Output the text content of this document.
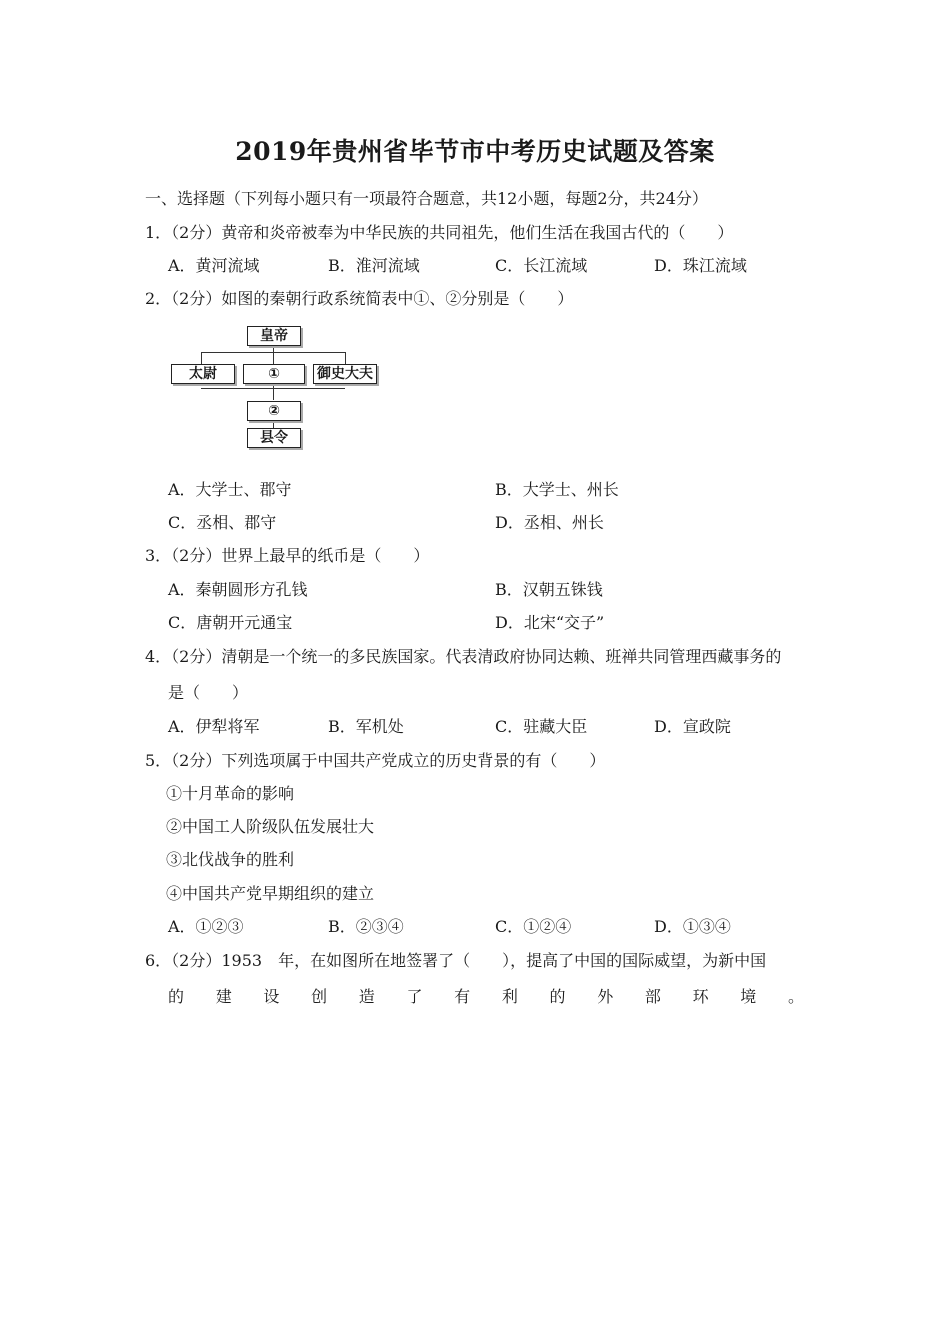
2019年贵州省毕节市中考历史试题及答案
一、选择题（下列每小题只有一项最符合题意，共12小题，每题2分，共24分）
1．（2分）黄帝和炎帝被奉为中华民族的共同祖先，他们生活在我国古代的（　　）
A．黄河流域	B．淮河流域	C．长江流域	D．珠江流域
2．（2分）如图的秦朝行政系统简表中①、②分别是（　　）
皇帝
太尉	①	御史大夫
②
县令
A．大学士、郡守	B．大学士、州长
C．丞相、郡守	D．丞相、州长
3．（2分）世界上最早的纸币是（　　）
A．秦朝圆形方孔钱	B．汉朝五铢钱
C．唐朝开元通宝	D．北宋“交子”
4．（2分）清朝是一个统一的多民族国家。代表清政府协同达赖、班禅共同管理西藏事务的
是（　　）
A．伊犁将军	B．军机处	C．驻藏大臣	D．宣政院
5．（2分）下列选项属于中国共产党成立的历史背景的有（　　）
①十月革命的影响
②中国工人阶级队伍发展壮大
③北伐战争的胜利
④中国共产党早期组织的建立
A．①②③	B．②③④	C．①②④	D．①③④
6．（2分）1953　年，在如图所在地签署了（　　），提高了中国的国际威望，为新中国
的 建 设 创 造 了 有 利 的 外 部 环 境 。
